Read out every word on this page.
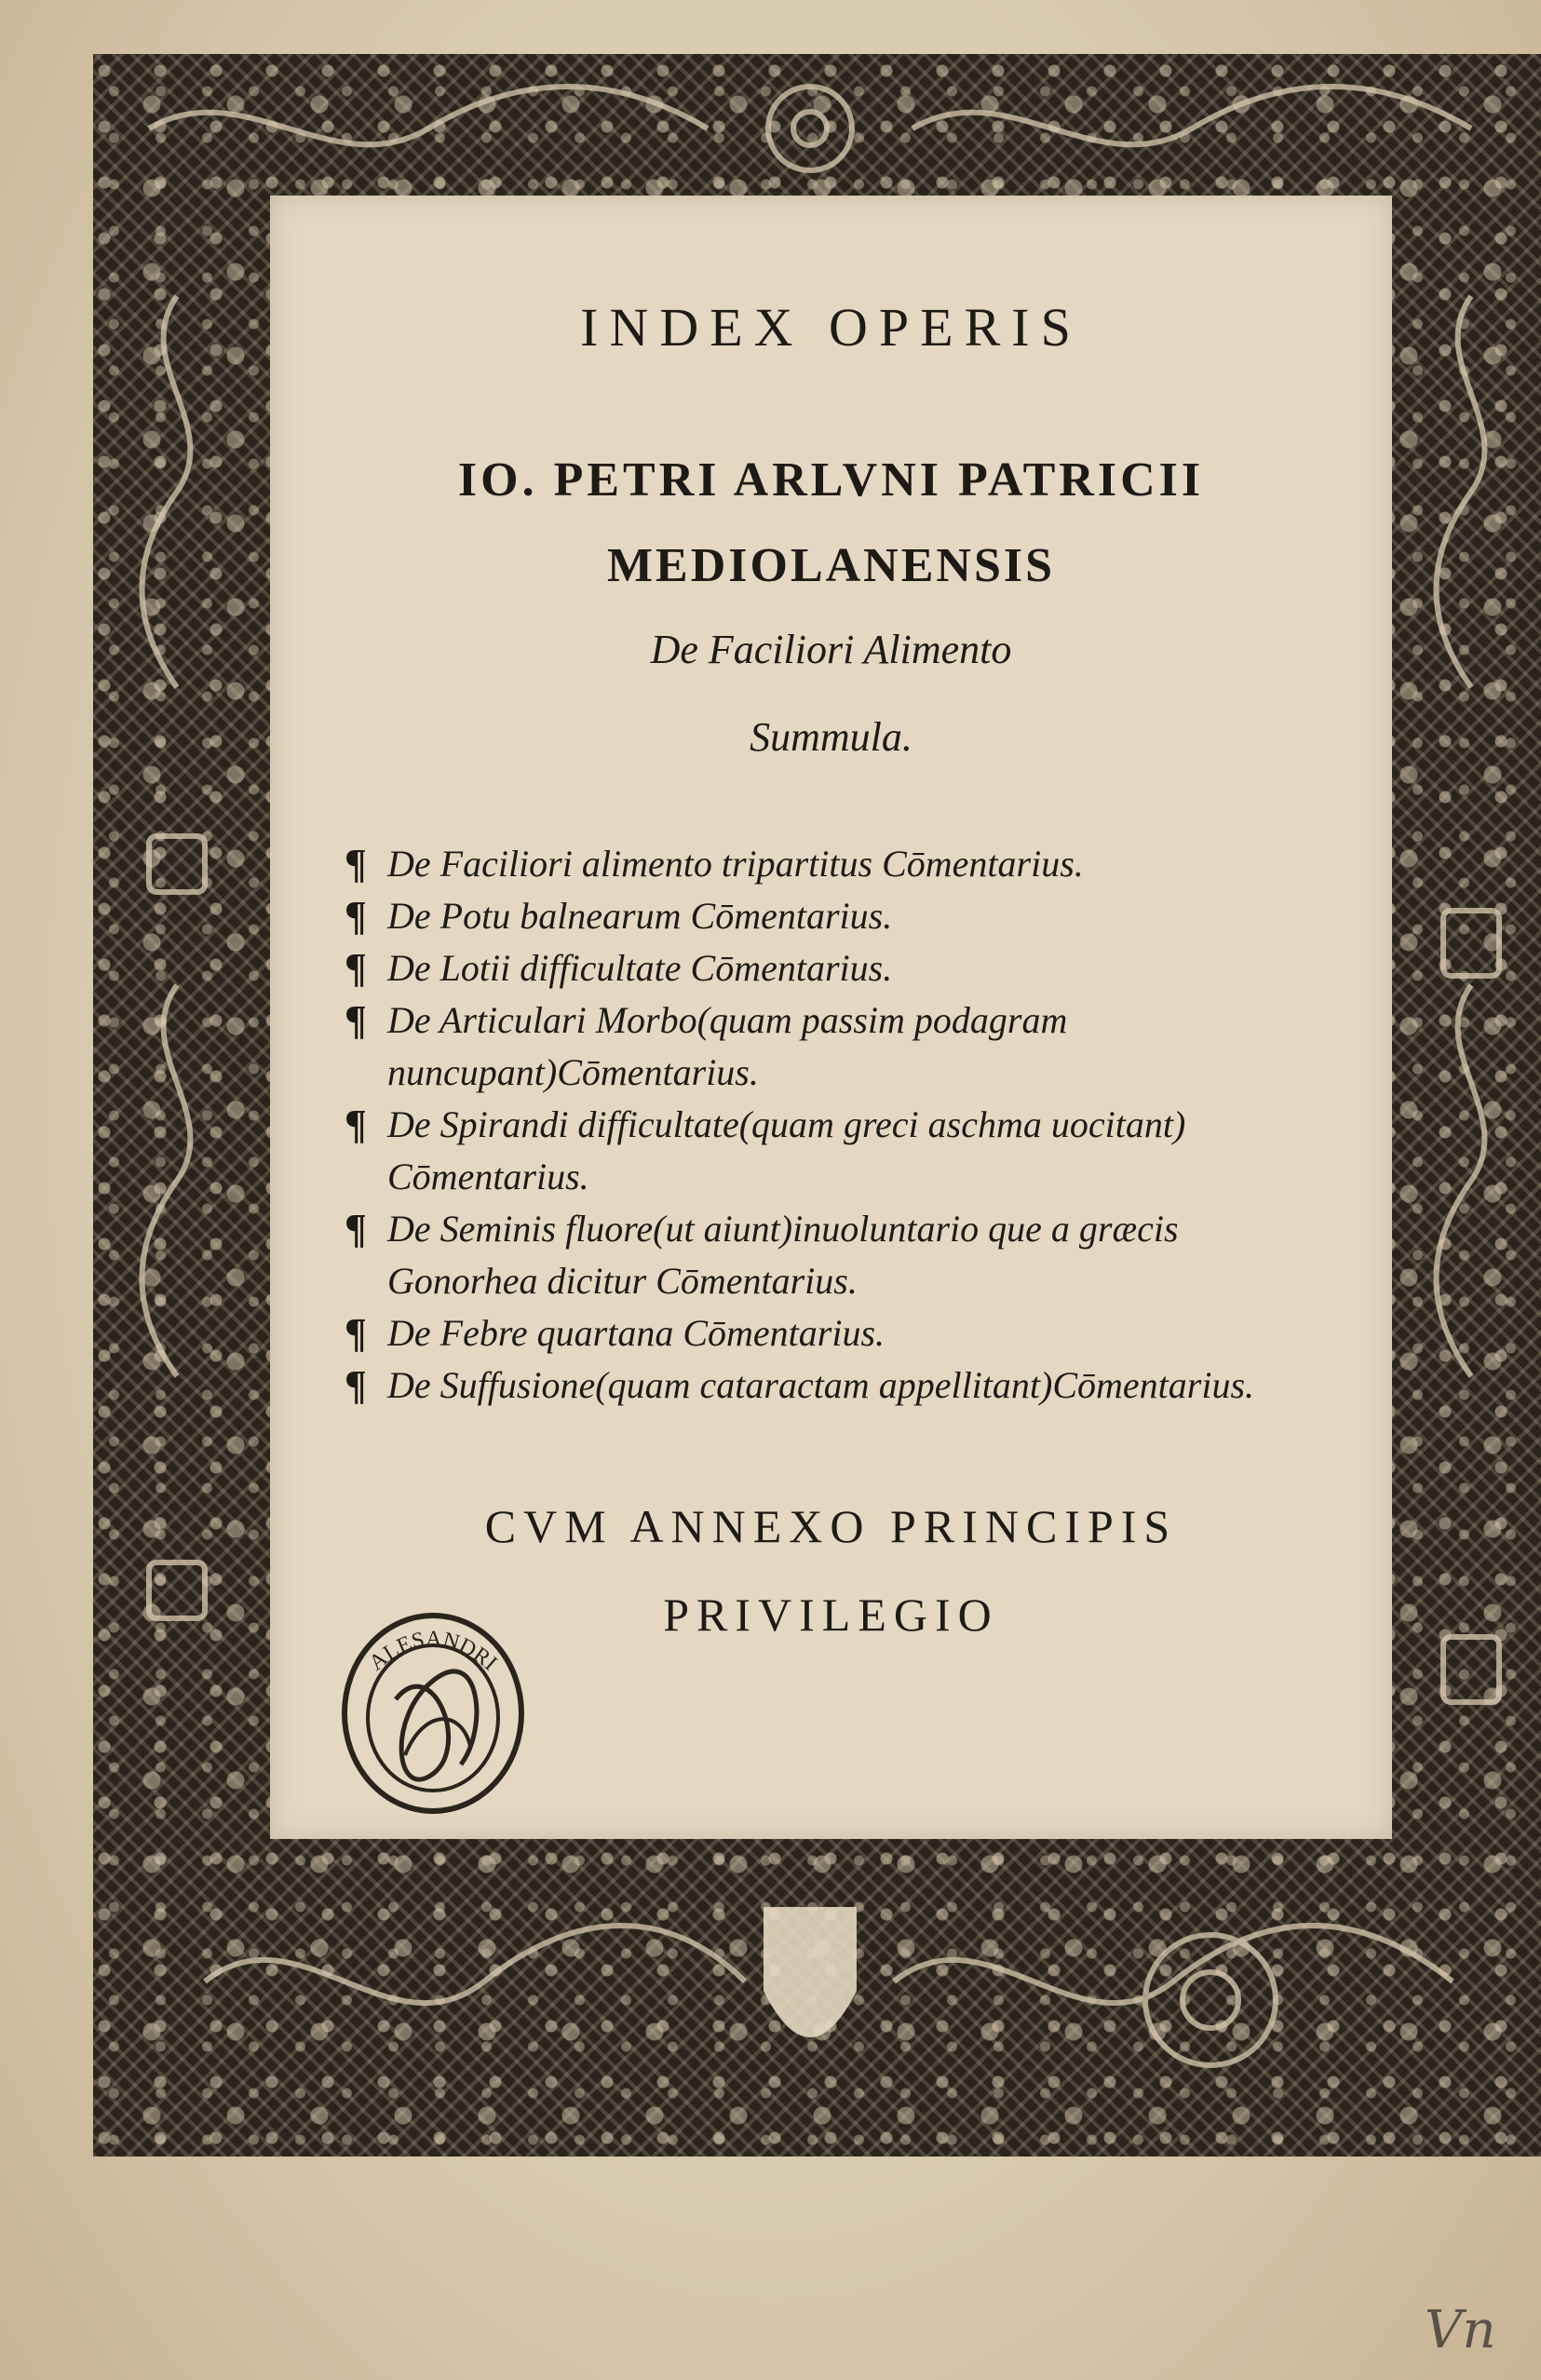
INDEX OPERIS
IO. PETRI ARLVNI PATRICII
MEDIOLANENSIS
De Faciliori Alimento
Summula.
¶ De Faciliori alimento tripartitus Cōmentarius.
¶ De Potu balnearum Cōmentarius.
¶ De Lotii difficultate Cōmentarius.
¶ De Articulari Morbo(quam passim podagram nuncupant)Cōmentarius.
¶ De Spirandi difficultate(quam greci aschma uocitant) Cōmentarius.
¶ De Seminis fluore(ut aiunt)inuoluntario que a græcis Gonorhea dicitur Cōmentarius.
¶ De Febre quartana Cōmentarius.
¶ De Suffusione(quam cataractam appellitant)Cōmentarius.
CVM ANNEXO PRINCIPIS
PRIVILEGIO
ALESANDRI
Vn
